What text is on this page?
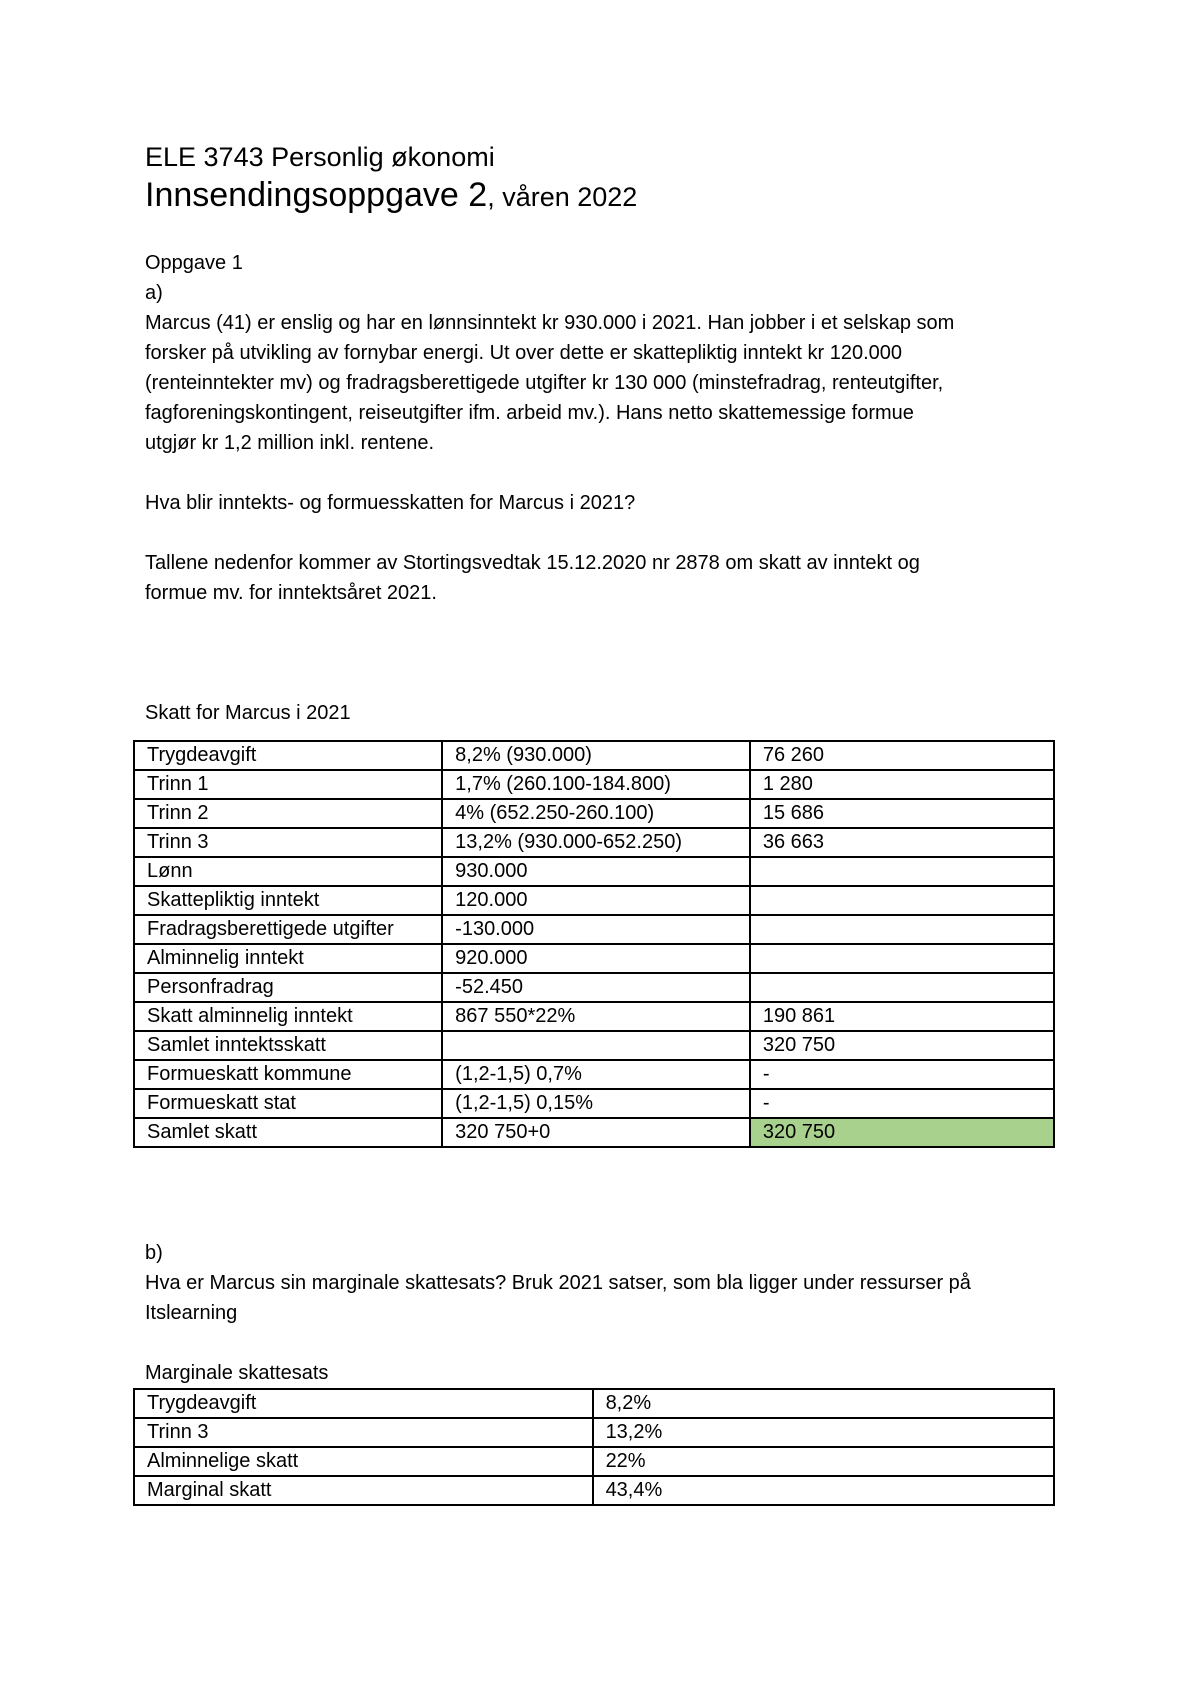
ELE 3743 Personlig økonomi

Innsendingsoppgave 2, våren 2022

Oppgave 1
a)
Marcus (41) er enslig og har en lønnsinntekt kr 930.000 i 2021. Han jobber i et selskap som
forsker på utvikling av fornybar energi. Ut over dette er skattepliktig inntekt kr 120.000
(renteinntekter mv) og fradragsberettigede utgifter kr 130 000 (minstefradrag, renteutgifter,
fagforeningskontingent, reiseutgifter ifm. arbeid mv.). Hans netto skattemessige formue
utgjør kr 1,2 million inkl. rentene.
Hva blir inntekts- og formuesskatten for Marcus i 2021?
Tallene nedenfor kommer av Stortingsvedtak 15.12.2020 nr 2878 om skatt av inntekt og
formue mv. for inntektsåret 2021.
Skatt for Marcus i 2021
Trygdeavgift	8,2% (930.000)	76 260
Trinn 1	1,7% (260.100-184.800)	1 280
Trinn 2	4% (652.250-260.100)	15 686
Trinn 3	13,2% (930.000-652.250)	36 663
Lønn	930.000	
Skattepliktig inntekt	120.000	
Fradragsberettigede utgifter	-130.000	
Alminnelig inntekt	920.000	
Personfradrag	-52.450	
Skatt alminnelig inntekt	867 550*22%	190 861
Samlet inntektsskatt		320 750
Formueskatt kommune	(1,2-1,5) 0,7%	-
Formueskatt stat	(1,2-1,5) 0,15%	-
Samlet skatt	320 750+0	320 750
b)
Hva er Marcus sin marginale skattesats? Bruk 2021 satser, som bla ligger under ressurser på
Itslearning
Marginale skattesats
Trygdeavgift	8,2%
Trinn 3	13,2%
Alminnelige skatt	22%
Marginal skatt	43,4%
